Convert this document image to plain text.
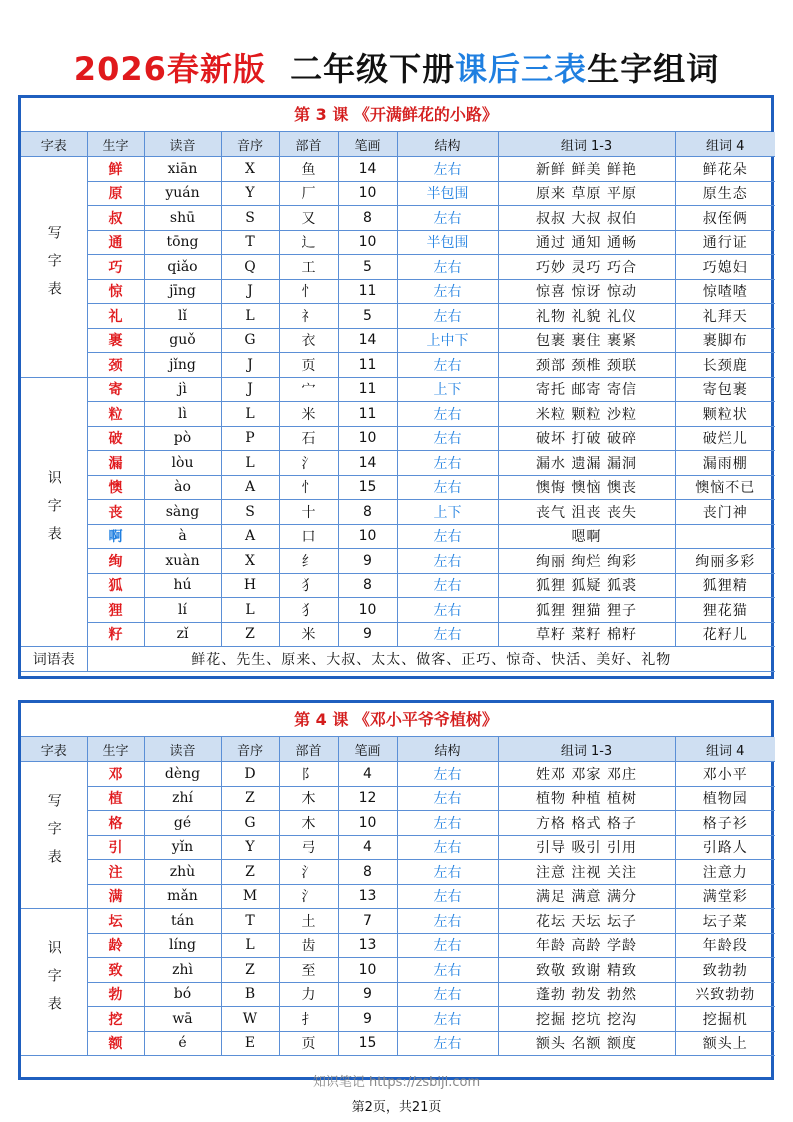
2026春新版 二年级下册课后三表生字组词
第 3 课 《开满鲜花的小路》
字表	生字	读音	音序	部首	笔画	结构	组词 1-3	组词 4
写字表	鲜	xiān	X	鱼	14	左右	新鲜 鲜美 鲜艳	鲜花朵
	原	yuán	Y	厂	10	半包围	原来 草原 平原	原生态
	叔	shū	S	又	8	左右	叔叔 大叔 叔伯	叔侄俩
	通	tōng	T	辶	10	半包围	通过 通知 通畅	通行证
	巧	qiǎo	Q	工	5	左右	巧妙 灵巧 巧合	巧媳妇
	惊	jīng	J	忄	11	左右	惊喜 惊讶 惊动	惊喳喳
	礼	lǐ	L	礻	5	左右	礼物 礼貌 礼仪	礼拜天
	裹	guǒ	G	衣	14	上中下	包裹 裹住 裹紧	裹脚布
	颈	jǐng	J	页	11	左右	颈部 颈椎 颈联	长颈鹿
识字表	寄	jì	J	宀	11	上下	寄托 邮寄 寄信	寄包裹
	粒	lì	L	米	11	左右	米粒 颗粒 沙粒	颗粒状
	破	pò	P	石	10	左右	破坏 打破 破碎	破烂儿
	漏	lòu	L	氵	14	左右	漏水 遗漏 漏洞	漏雨棚
	懊	ào	A	忄	15	左右	懊悔 懊恼 懊丧	懊恼不已
	丧	sàng	S	十	8	上下	丧气 沮丧 丧失	丧门神
	啊	à	A	口	10	左右	嗯啊	
	绚	xuàn	X	纟	9	左右	绚丽 绚烂 绚彩	绚丽多彩
	狐	hú	H	犭	8	左右	狐狸 狐疑 狐裘	狐狸精
	狸	lí	L	犭	10	左右	狐狸 狸猫 狸子	狸花猫
	籽	zǐ	Z	米	9	左右	草籽 菜籽 棉籽	花籽儿
词语表	鲜花、先生、原来、大叔、太太、做客、正巧、惊奇、快活、美好、礼物							
第 4 课 《邓小平爷爷植树》
字表	生字	读音	音序	部首	笔画	结构	组词 1-3	组词 4
写字表	邓	dèng	D	阝	4	左右	姓邓 邓家 邓庄	邓小平
	植	zhí	Z	木	12	左右	植物 种植 植树	植物园
	格	gé	G	木	10	左右	方格 格式 格子	格子衫
	引	yǐn	Y	弓	4	左右	引导 吸引 引用	引路人
	注	zhù	Z	氵	8	左右	注意 注视 关注	注意力
	满	mǎn	M	氵	13	左右	满足 满意 满分	满堂彩
识字表	坛	tán	T	土	7	左右	花坛 天坛 坛子	坛子菜
	龄	líng	L	齿	13	左右	年龄 高龄 学龄	年龄段
	致	zhì	Z	至	10	左右	致敬 致谢 精致	致勃勃
	勃	bó	B	力	9	左右	蓬勃 勃发 勃然	兴致勃勃
	挖	wā	W	扌	9	左右	挖掘 挖坑 挖沟	挖掘机
	额	é	E	页	15	左右	额头 名额 额度	额头上
知识笔记 https://zsbiji.com
第2页，共21页
